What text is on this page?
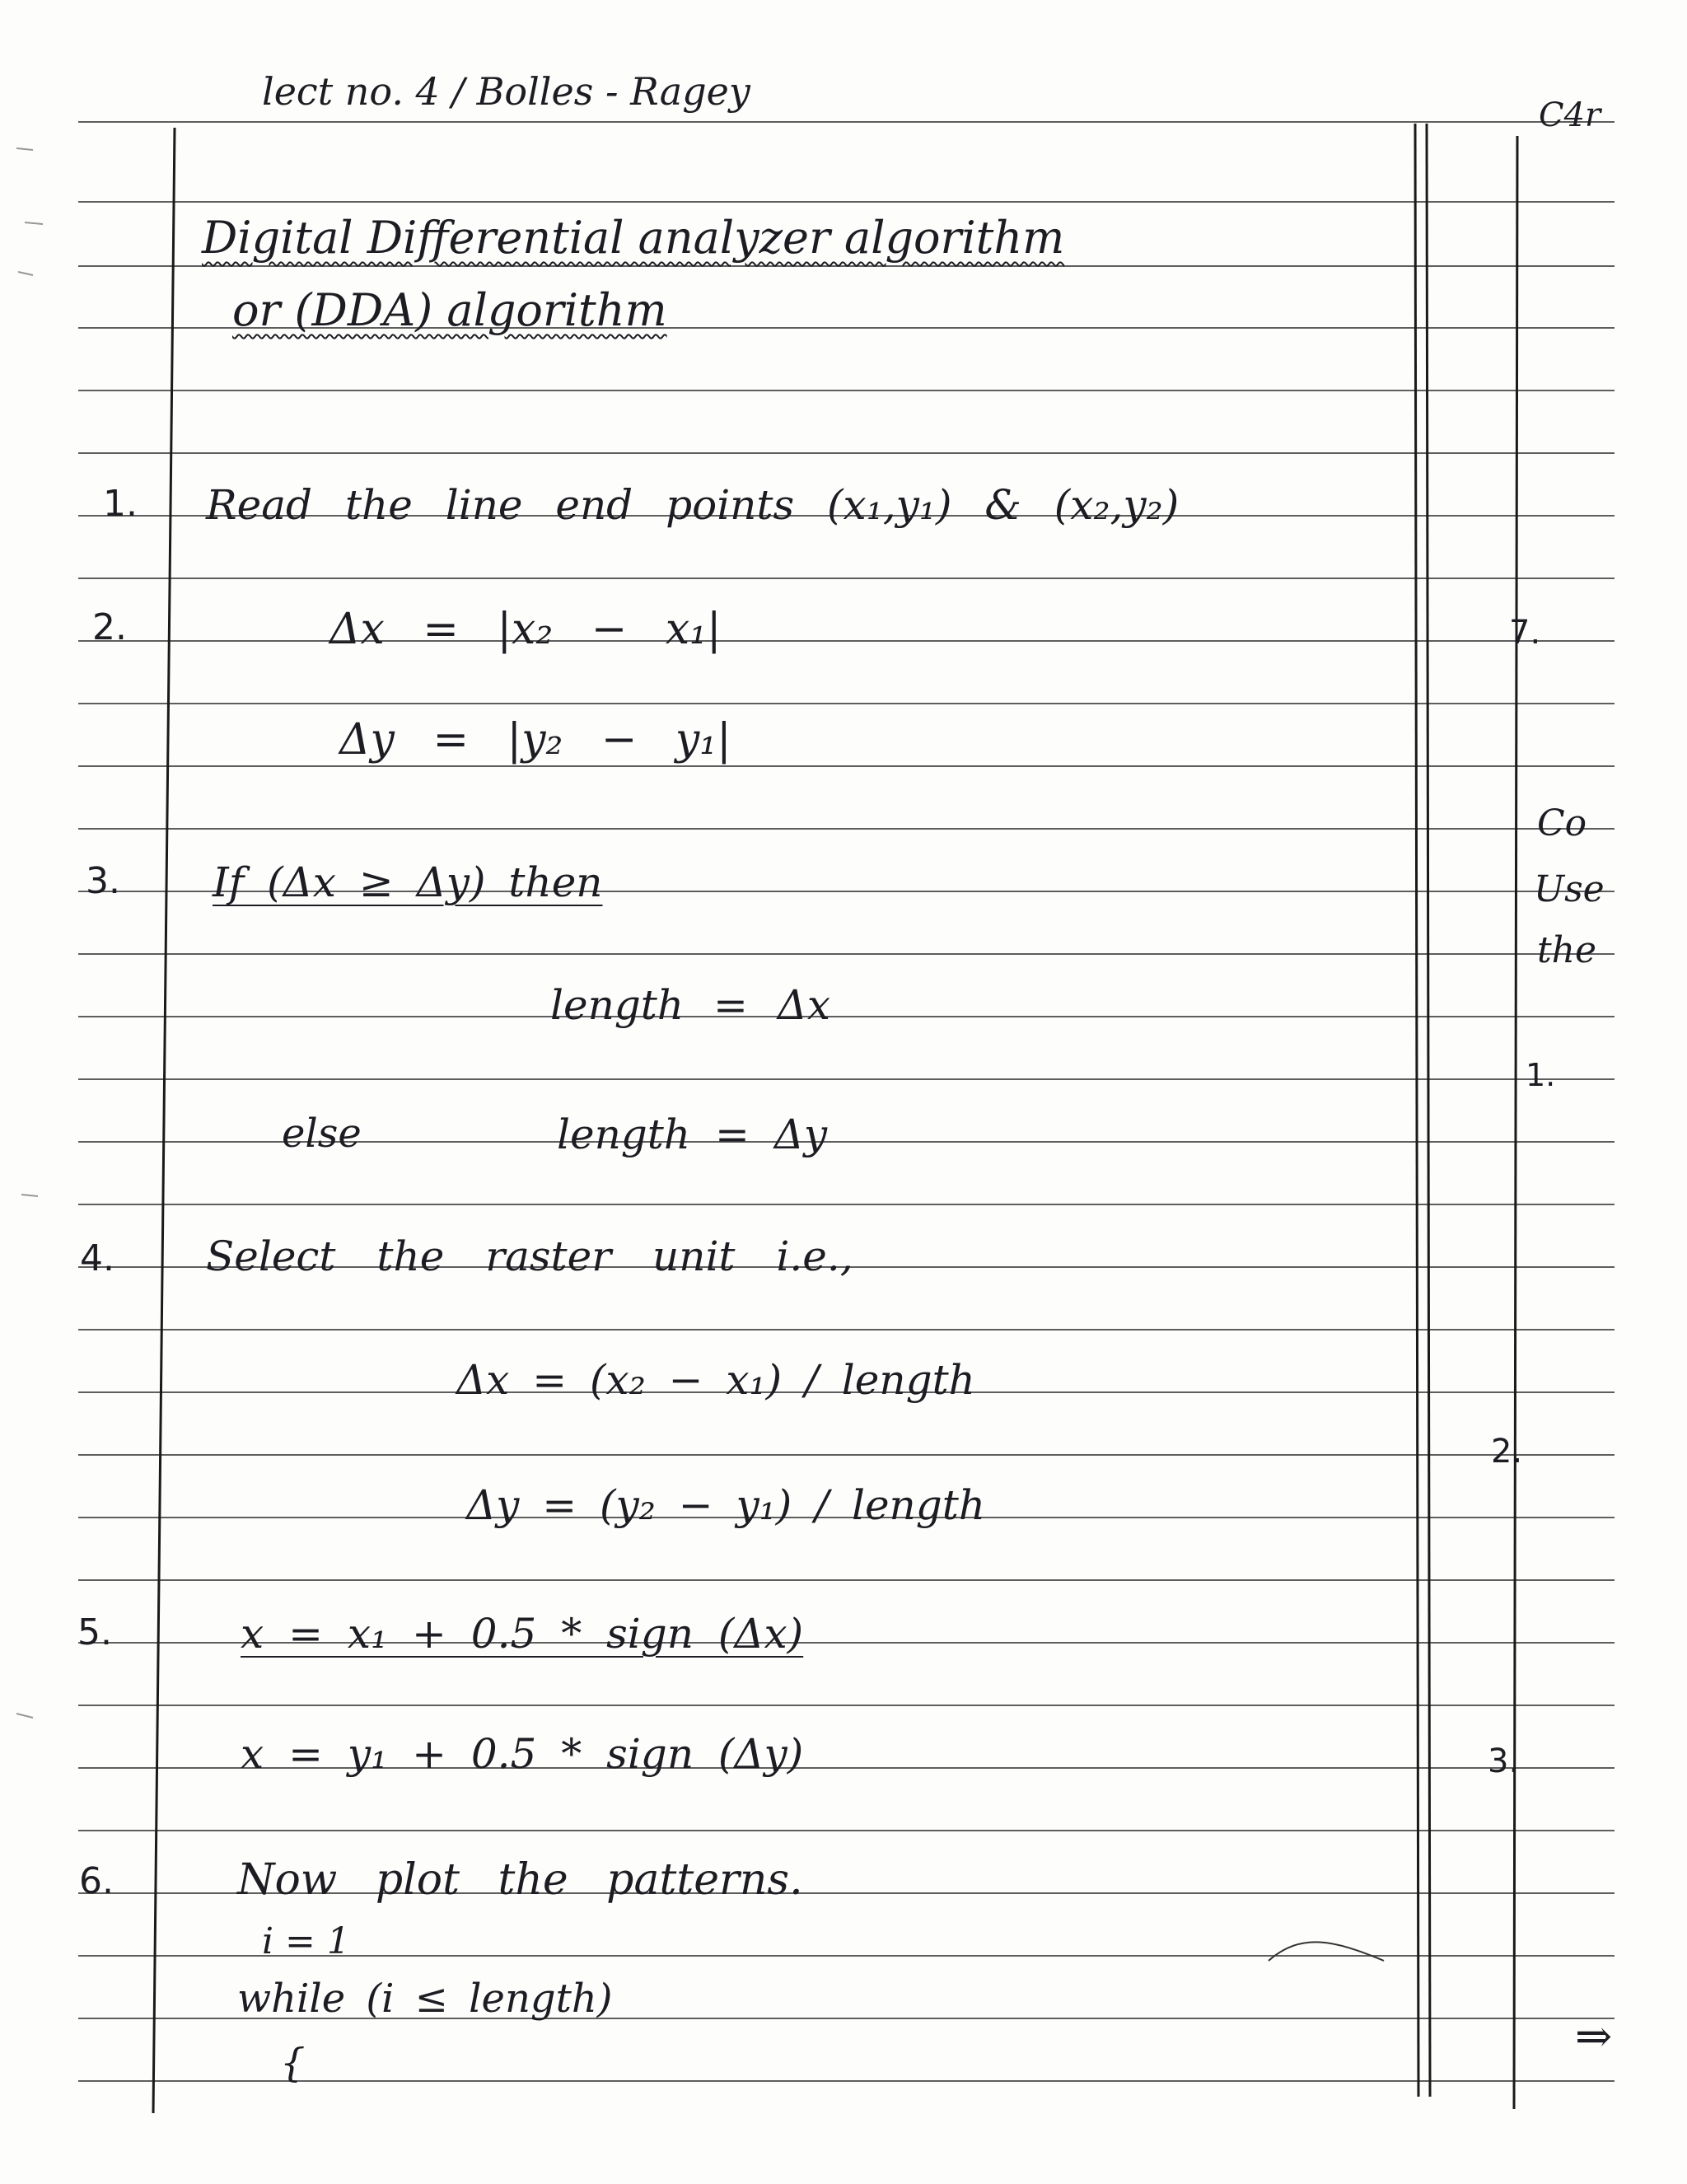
lect no. 4 / Bolles - Ragey
C4r
Digital Differential analyzer algorithm
or (DDA) algorithm
1. Read the line end points (x₁,y₁) & (x₂,y₂)
2.	Δx = |x₂ − x₁|
Δy = |y₂ − y₁|
3. If (Δx ≥ Δy) then
length = Δx
else	length = Δy
4. Select the raster unit i.e.,
Δx = (x₂ − x₁) / length
Δy = (y₂ − y₁) / length
5.	x = x₁ + 0.5 * sign (Δx)
x = y₁ + 0.5 * sign (Δy)
6.	Now plot the patterns.
i = 1
while (i ≤ length)
{
7.
Co
Use
the
1.
2.
3.
⇒
